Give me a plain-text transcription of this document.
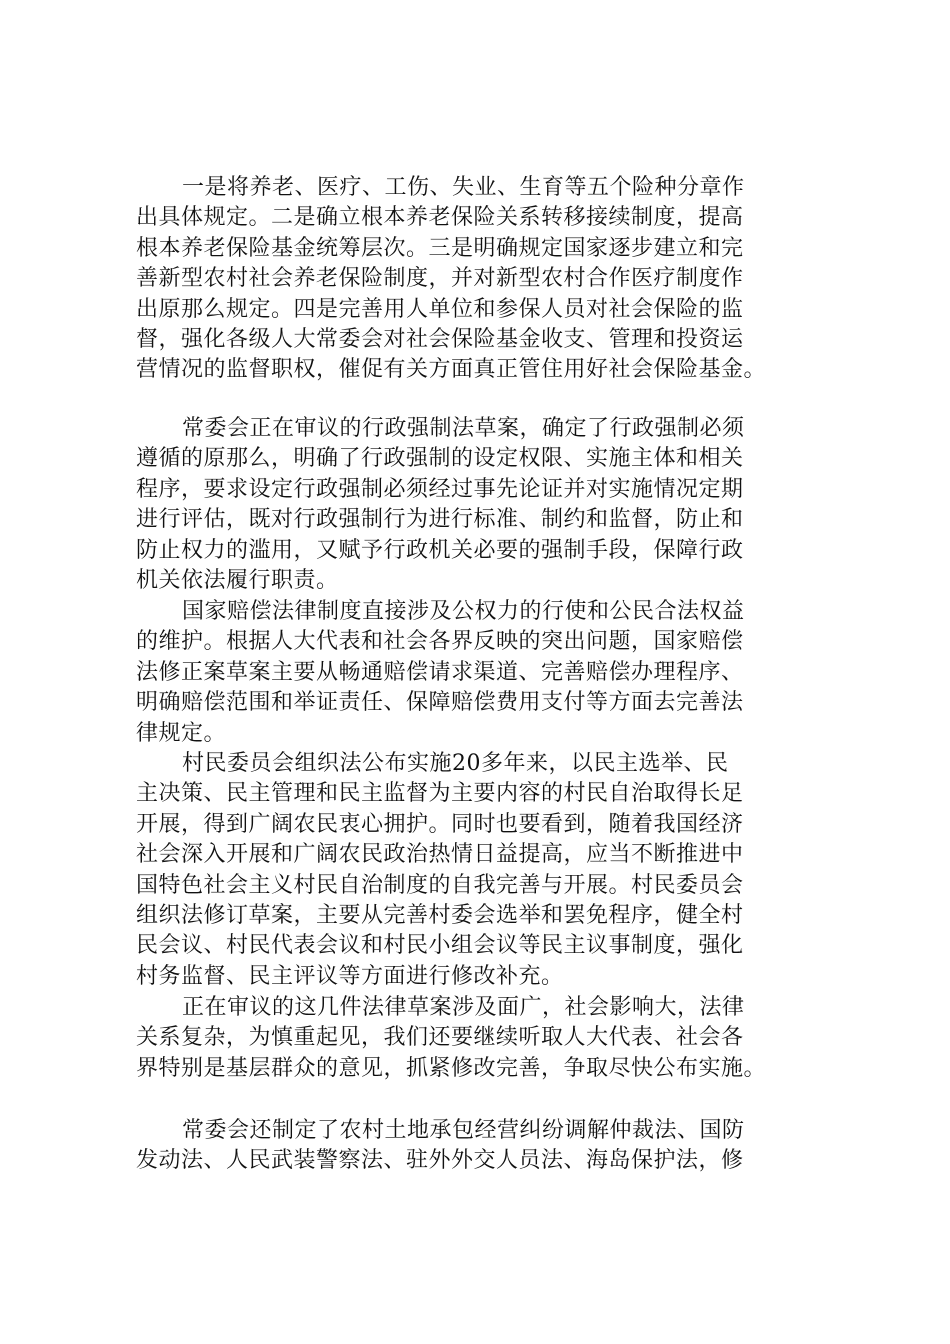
一是将养老、医疗、工伤、失业、生育等五个险种分章作
出具体规定。二是确立根本养老保险关系转移接续制度，提高
根本养老保险基金统筹层次。三是明确规定国家逐步建立和完
善新型农村社会养老保险制度，并对新型农村合作医疗制度作
出原那么规定。四是完善用人单位和参保人员对社会保险的监
督，强化各级人大常委会对社会保险基金收支、管理和投资运
营情况的监督职权，催促有关方面真正管住用好社会保险基金。
常委会正在审议的行政强制法草案，确定了行政强制必须
遵循的原那么，明确了行政强制的设定权限、实施主体和相关
程序，要求设定行政强制必须经过事先论证并对实施情况定期
进行评估，既对行政强制行为进行标准、制约和监督，防止和
防止权力的滥用，又赋予行政机关必要的强制手段，保障行政
机关依法履行职责。
国家赔偿法律制度直接涉及公权力的行使和公民合法权益
的维护。根据人大代表和社会各界反映的突出问题，国家赔偿
法修正案草案主要从畅通赔偿请求渠道、完善赔偿办理程序、
明确赔偿范围和举证责任、保障赔偿费用支付等方面去完善法
律规定。
村民委员会组织法公布实施20多年来，以民主选举、民
主决策、民主管理和民主监督为主要内容的村民自治取得长足
开展，得到广阔农民衷心拥护。同时也要看到，随着我国经济
社会深入开展和广阔农民政治热情日益提高，应当不断推进中
国特色社会主义村民自治制度的自我完善与开展。村民委员会
组织法修订草案，主要从完善村委会选举和罢免程序，健全村
民会议、村民代表会议和村民小组会议等民主议事制度，强化
村务监督、民主评议等方面进行修改补充。
正在审议的这几件法律草案涉及面广，社会影响大，法律
关系复杂，为慎重起见，我们还要继续听取人大代表、社会各
界特别是基层群众的意见，抓紧修改完善，争取尽快公布实施。
常委会还制定了农村土地承包经营纠纷调解仲裁法、国防
发动法、人民武装警察法、驻外外交人员法、海岛保护法，修
